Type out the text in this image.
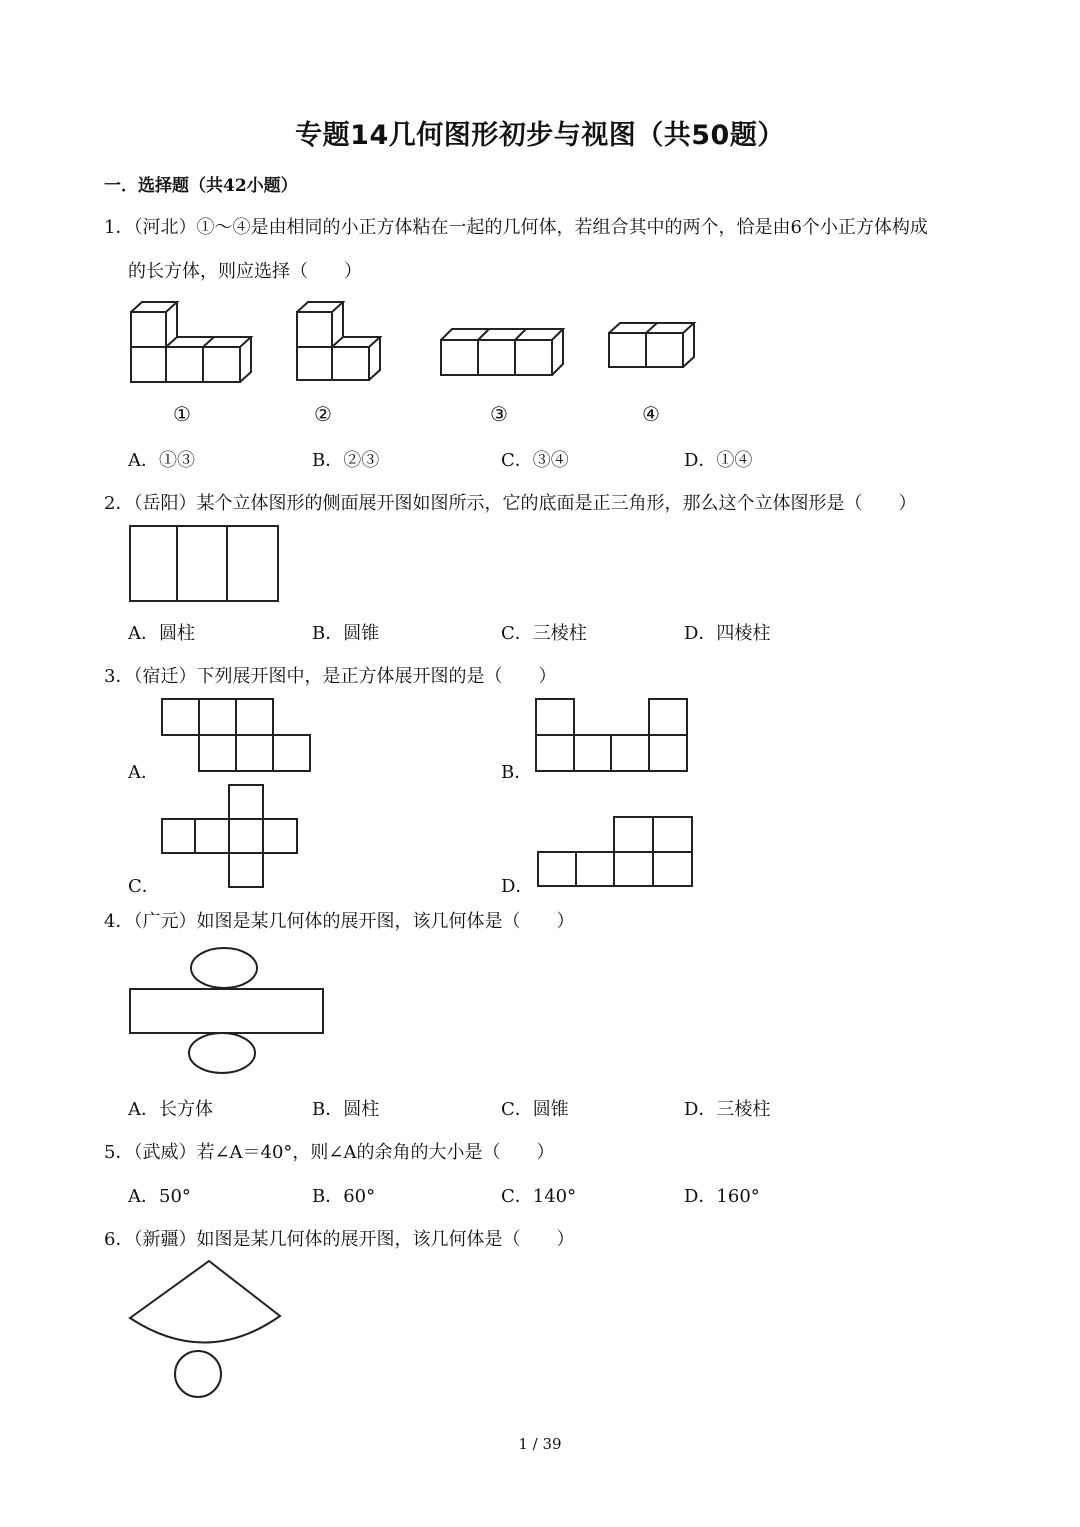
专题14几何图形初步与视图（共50题）
一．选择题（共42小题）
1．（河北）①～④是由相同的小正方体粘在一起的几何体，若组合其中的两个，恰是由6个小正方体构成
的长方体，则应选择（　　）
①	②	③	④
A．①③	B．②③	C．③④	D．①④
2．（岳阳）某个立体图形的侧面展开图如图所示，它的底面是正三角形，那么这个立体图形是（　　）
A．圆柱	B．圆锥	C．三棱柱	D．四棱柱
3．（宿迁）下列展开图中，是正方体展开图的是（　　）
A．	B．
C．	D．
4．（广元）如图是某几何体的展开图，该几何体是（　　）
A．长方体	B．圆柱	C．圆锥	D．三棱柱
5．（武威）若∠A＝40°，则∠A的余角的大小是（　　）
A．50°	B．60°	C．140°	D．160°
6．（新疆）如图是某几何体的展开图，该几何体是（　　）
1 / 39
